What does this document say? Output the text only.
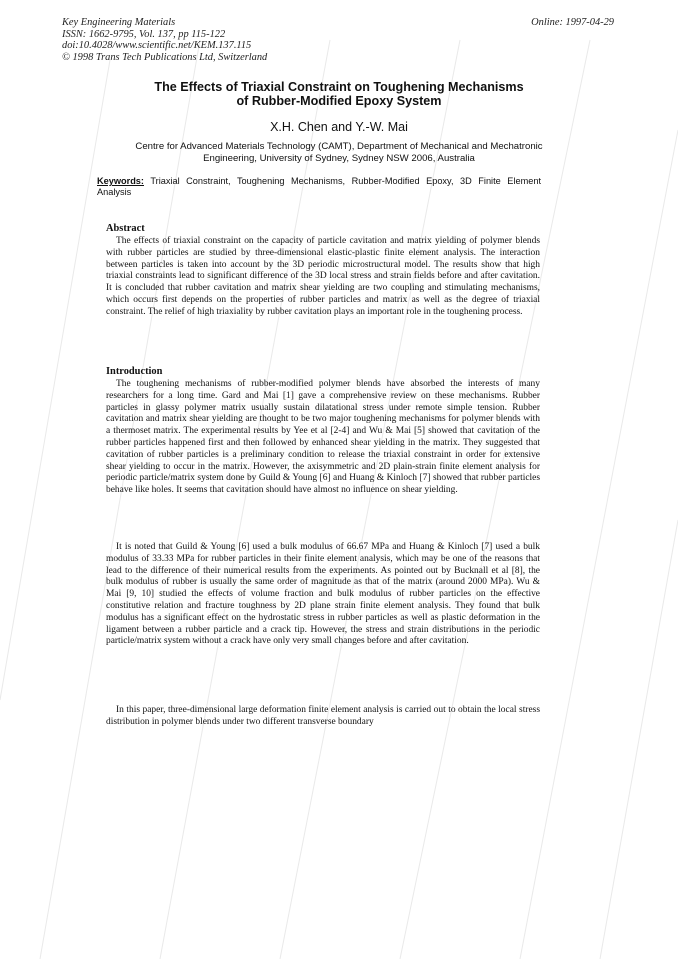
Key Engineering Materials
ISSN: 1662-9795, Vol. 137, pp 115-122
doi:10.4028/www.scientific.net/KEM.137.115
© 1998 Trans Tech Publications Ltd, Switzerland
Online: 1997-04-29
The Effects of Triaxial Constraint on Toughening Mechanisms
of Rubber-Modified Epoxy System
X.H. Chen and Y.-W. Mai
Centre for Advanced Materials Technology (CAMT), Department of Mechanical and Mechatronic
Engineering, University of Sydney, Sydney NSW 2006, Australia
Keywords: Triaxial Constraint, Toughening Mechanisms, Rubber-Modified Epoxy, 3D Finite Element Analysis
Abstract
The effects of triaxial constraint on the capacity of particle cavitation and matrix yielding of polymer blends with rubber particles are studied by three-dimensional elastic-plastic finite element analysis. The interaction between particles is taken into account by the 3D periodic microstructural model. The results show that high triaxial constraints lead to significant difference of the 3D local stress and strain fields before and after cavitation. It is concluded that rubber cavitation and matrix shear yielding are two coupling and stimulating mechanisms, which occurs first depends on the properties of rubber particles and matrix as well as the degree of triaxial constraint. The relief of high triaxiality by rubber cavitation plays an important role in the toughening process.
Introduction
The toughening mechanisms of rubber-modified polymer blends have absorbed the interests of many researchers for a long time. Gard and Mai [1] gave a comprehensive review on these mechanisms. Rubber particles in glassy polymer matrix usually sustain dilatational stress under remote simple tension. Rubber cavitation and matrix shear yielding are thought to be two major toughening mechanisms for polymer blends with a thermoset matrix. The experimental results by Yee et al [2-4] and Wu & Mai [5] showed that cavitation of the rubber particles happened first and then followed by enhanced shear yielding in the matrix. They suggested that cavitation of rubber particles is a preliminary condition to release the triaxial constraint in order for extensive shear yielding to occur in the matrix. However, the axisymmetric and 2D plain-strain finite element analysis for periodic particle/matrix system done by Guild & Young [6] and Huang & Kinloch [7] showed that rubber particles behave like holes. It seems that cavitation should have almost no influence on shear yielding.
It is noted that Guild & Young [6] used a bulk modulus of 66.67 MPa and Huang & Kinloch [7] used a bulk modulus of 33.33 MPa for rubber particles in their finite element analysis, which may be one of the reasons that lead to the difference of their numerical results from the experiments. As pointed out by Bucknall et al [8], the bulk modulus of rubber is usually the same order of magnitude as that of the matrix (around 2000 MPa). Wu & Mai [9, 10] studied the effects of volume fraction and bulk modulus of rubber particles on the effective constitutive relation and fracture toughness by 2D plane strain finite element analysis. They found that bulk modulus has a significant effect on the hydrostatic stress in rubber particles as well as plastic deformation in the ligament between a rubber particle and a crack tip. However, the stress and strain distributions in the periodic particle/matrix system without a crack have only very small changes before and after cavitation.
In this paper, three-dimensional large deformation finite element analysis is carried out to obtain the local stress distribution in polymer blends under two different transverse boundary
